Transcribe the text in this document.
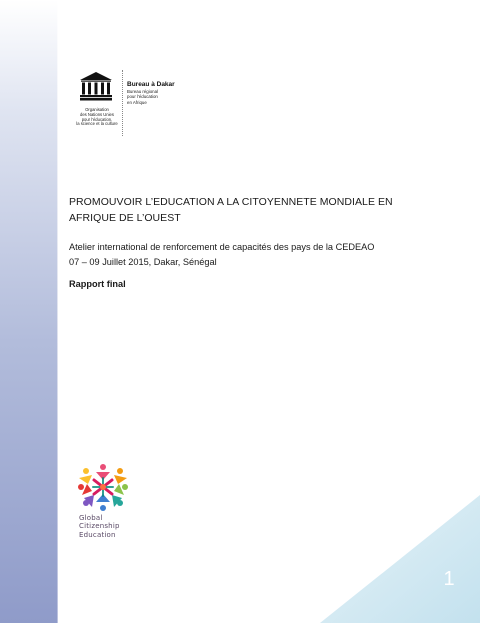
1
Organisation
des Nations Unies
pour l'éducation,
la science et la culture
Bureau à Dakar
Bureau régional
pour l'éducation
en Afrique
PROMOUVOIR L’EDUCATION A LA CITOYENNETE MONDIALE EN
AFRIQUE DE L’OUEST
Atelier international de renforcement de capacités des pays de la CEDEAO
07 – 09 Juillet 2015, Dakar, Sénégal
Rapport final
Global
Citizenship
Education
